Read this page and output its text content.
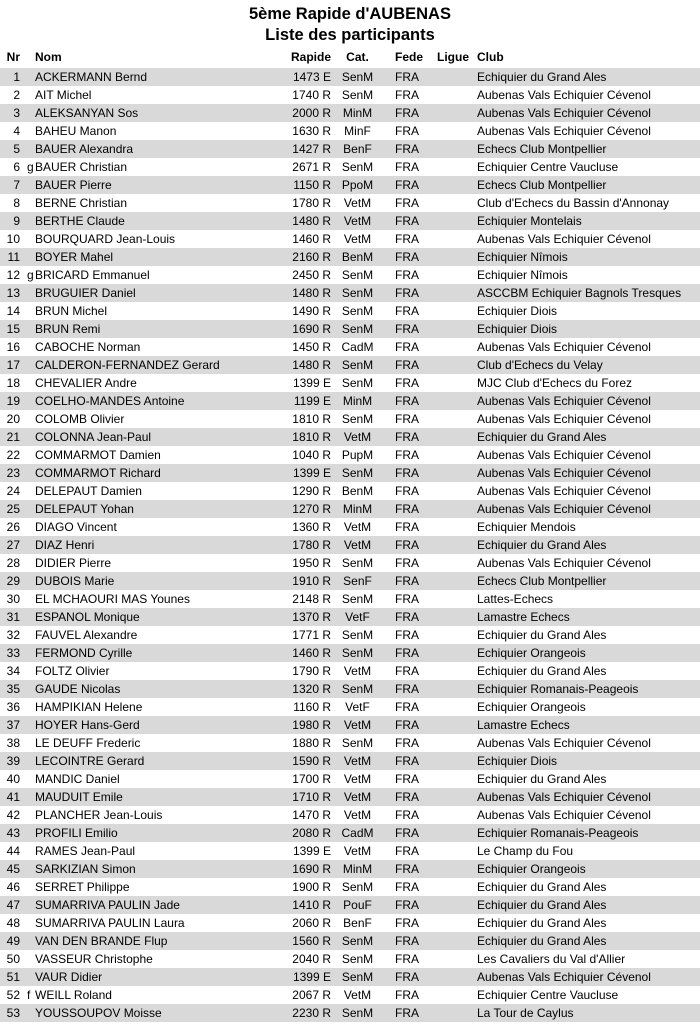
5ème Rapide d'AUBENAS
Liste des participants
Nr Nom	Rapide	Cat.	Fede	Ligue Club
1 ACKERMANN Bernd	1473 E SenM	FRA	Echiquier du Grand Ales
2 AIT Michel	1740 R SenM	FRA	Aubenas Vals Echiquier Cévenol
3 ALEKSANYAN Sos	2000 R MinM	FRA	Aubenas Vals Echiquier Cévenol
4 BAHEU Manon	1630 R	MinF	FRA	Aubenas Vals Echiquier Cévenol
5 BAUER Alexandra	1427 R	BenF	FRA	Echecs Club Montpellier
6 g BAUER Christian	2671 R SenM	FRA	Echiquier Centre Vaucluse
7 BAUER Pierre	1150 R PpoM	FRA	Echecs Club Montpellier
8 BERNE Christian	1780 R	VetM	FRA	Club d'Echecs du Bassin d'Annonay
9 BERTHE Claude	1480 R	VetM	FRA	Echiquier Montelais
10 BOURQUARD Jean-Louis	1460 R	VetM	FRA	Aubenas Vals Echiquier Cévenol
11 BOYER Mahel	2160 R BenM	FRA	Echiquier Nîmois
12 g BRICARD Emmanuel	2450 R SenM	FRA	Echiquier Nîmois
13 BRUGUIER Daniel	1480 R SenM	FRA	ASCCBM Echiquier Bagnols Tresques
14 BRUN Michel	1490 R SenM	FRA	Echiquier Diois
15 BRUN Remi	1690 R SenM	FRA	Echiquier Diois
16 CABOCHE Norman	1450 R CadM	FRA	Aubenas Vals Echiquier Cévenol
17 CALDERON-FERNANDEZ Gerard	1480 R SenM	FRA	Club d'Echecs du Velay
18 CHEVALIER Andre	1399 E SenM	FRA	MJC Club d'Echecs du Forez
19 COELHO-MANDES Antoine	1199 E MinM	FRA	Aubenas Vals Echiquier Cévenol
20 COLOMB Olivier	1810 R SenM	FRA	Aubenas Vals Echiquier Cévenol
21 COLONNA Jean-Paul	1810 R	VetM	FRA	Echiquier du Grand Ales
22 COMMARMOT Damien	1040 R PupM	FRA	Aubenas Vals Echiquier Cévenol
23 COMMARMOT Richard	1399 E SenM	FRA	Aubenas Vals Echiquier Cévenol
24 DELEPAUT Damien	1290 R BenM	FRA	Aubenas Vals Echiquier Cévenol
25 DELEPAUT Yohan	1270 R MinM	FRA	Aubenas Vals Echiquier Cévenol
26 DIAGO Vincent	1360 R	VetM	FRA	Echiquier Mendois
27 DIAZ Henri	1780 R	VetM	FRA	Echiquier du Grand Ales
28 DIDIER Pierre	1950 R SenM	FRA	Aubenas Vals Echiquier Cévenol
29 DUBOIS Marie	1910 R	SenF	FRA	Echecs Club Montpellier
30 EL MCHAOURI MAS Younes	2148 R SenM	FRA	Lattes-Echecs
31 ESPANOL Monique	1370 R	VetF	FRA	Lamastre Echecs
32 FAUVEL Alexandre	1771 R SenM	FRA	Echiquier du Grand Ales
33 FERMOND Cyrille	1460 R SenM	FRA	Echiquier Orangeois
34 FOLTZ Olivier	1790 R	VetM	FRA	Echiquier du Grand Ales
35 GAUDE Nicolas	1320 R SenM	FRA	Echiquier Romanais-Peageois
36 HAMPIKIAN Helene	1160 R	VetF	FRA	Echiquier Orangeois
37 HOYER Hans-Gerd	1980 R	VetM	FRA	Lamastre Echecs
38 LE DEUFF Frederic	1880 R SenM	FRA	Aubenas Vals Echiquier Cévenol
39 LECOINTRE Gerard	1590 R	VetM	FRA	Echiquier Diois
40 MANDIC Daniel	1700 R	VetM	FRA	Echiquier du Grand Ales
41 MAUDUIT Emile	1710 R	VetM	FRA	Aubenas Vals Echiquier Cévenol
42 PLANCHER Jean-Louis	1470 R	VetM	FRA	Aubenas Vals Echiquier Cévenol
43 PROFILI Emilio	2080 R CadM	FRA	Echiquier Romanais-Peageois
44 RAMES Jean-Paul	1399 E	VetM	FRA	Le Champ du Fou
45 SARKIZIAN Simon	1690 R MinM	FRA	Echiquier Orangeois
46 SERRET Philippe	1900 R SenM	FRA	Echiquier du Grand Ales
47 SUMARRIVA PAULIN Jade	1410 R	PouF	FRA	Echiquier du Grand Ales
48 SUMARRIVA PAULIN Laura	2060 R	BenF	FRA	Echiquier du Grand Ales
49 VAN DEN BRANDE Flup	1560 R SenM	FRA	Echiquier du Grand Ales
50 VASSEUR Christophe	2040 R SenM	FRA	Les Cavaliers du Val d'Allier
51 VAUR Didier	1399 E SenM	FRA	Aubenas Vals Echiquier Cévenol
52 f WEILL Roland	2067 R	VetM	FRA	Echiquier Centre Vaucluse
53 YOUSSOUPOV Moisse	2230 R SenM	FRA	La Tour de Caylus
